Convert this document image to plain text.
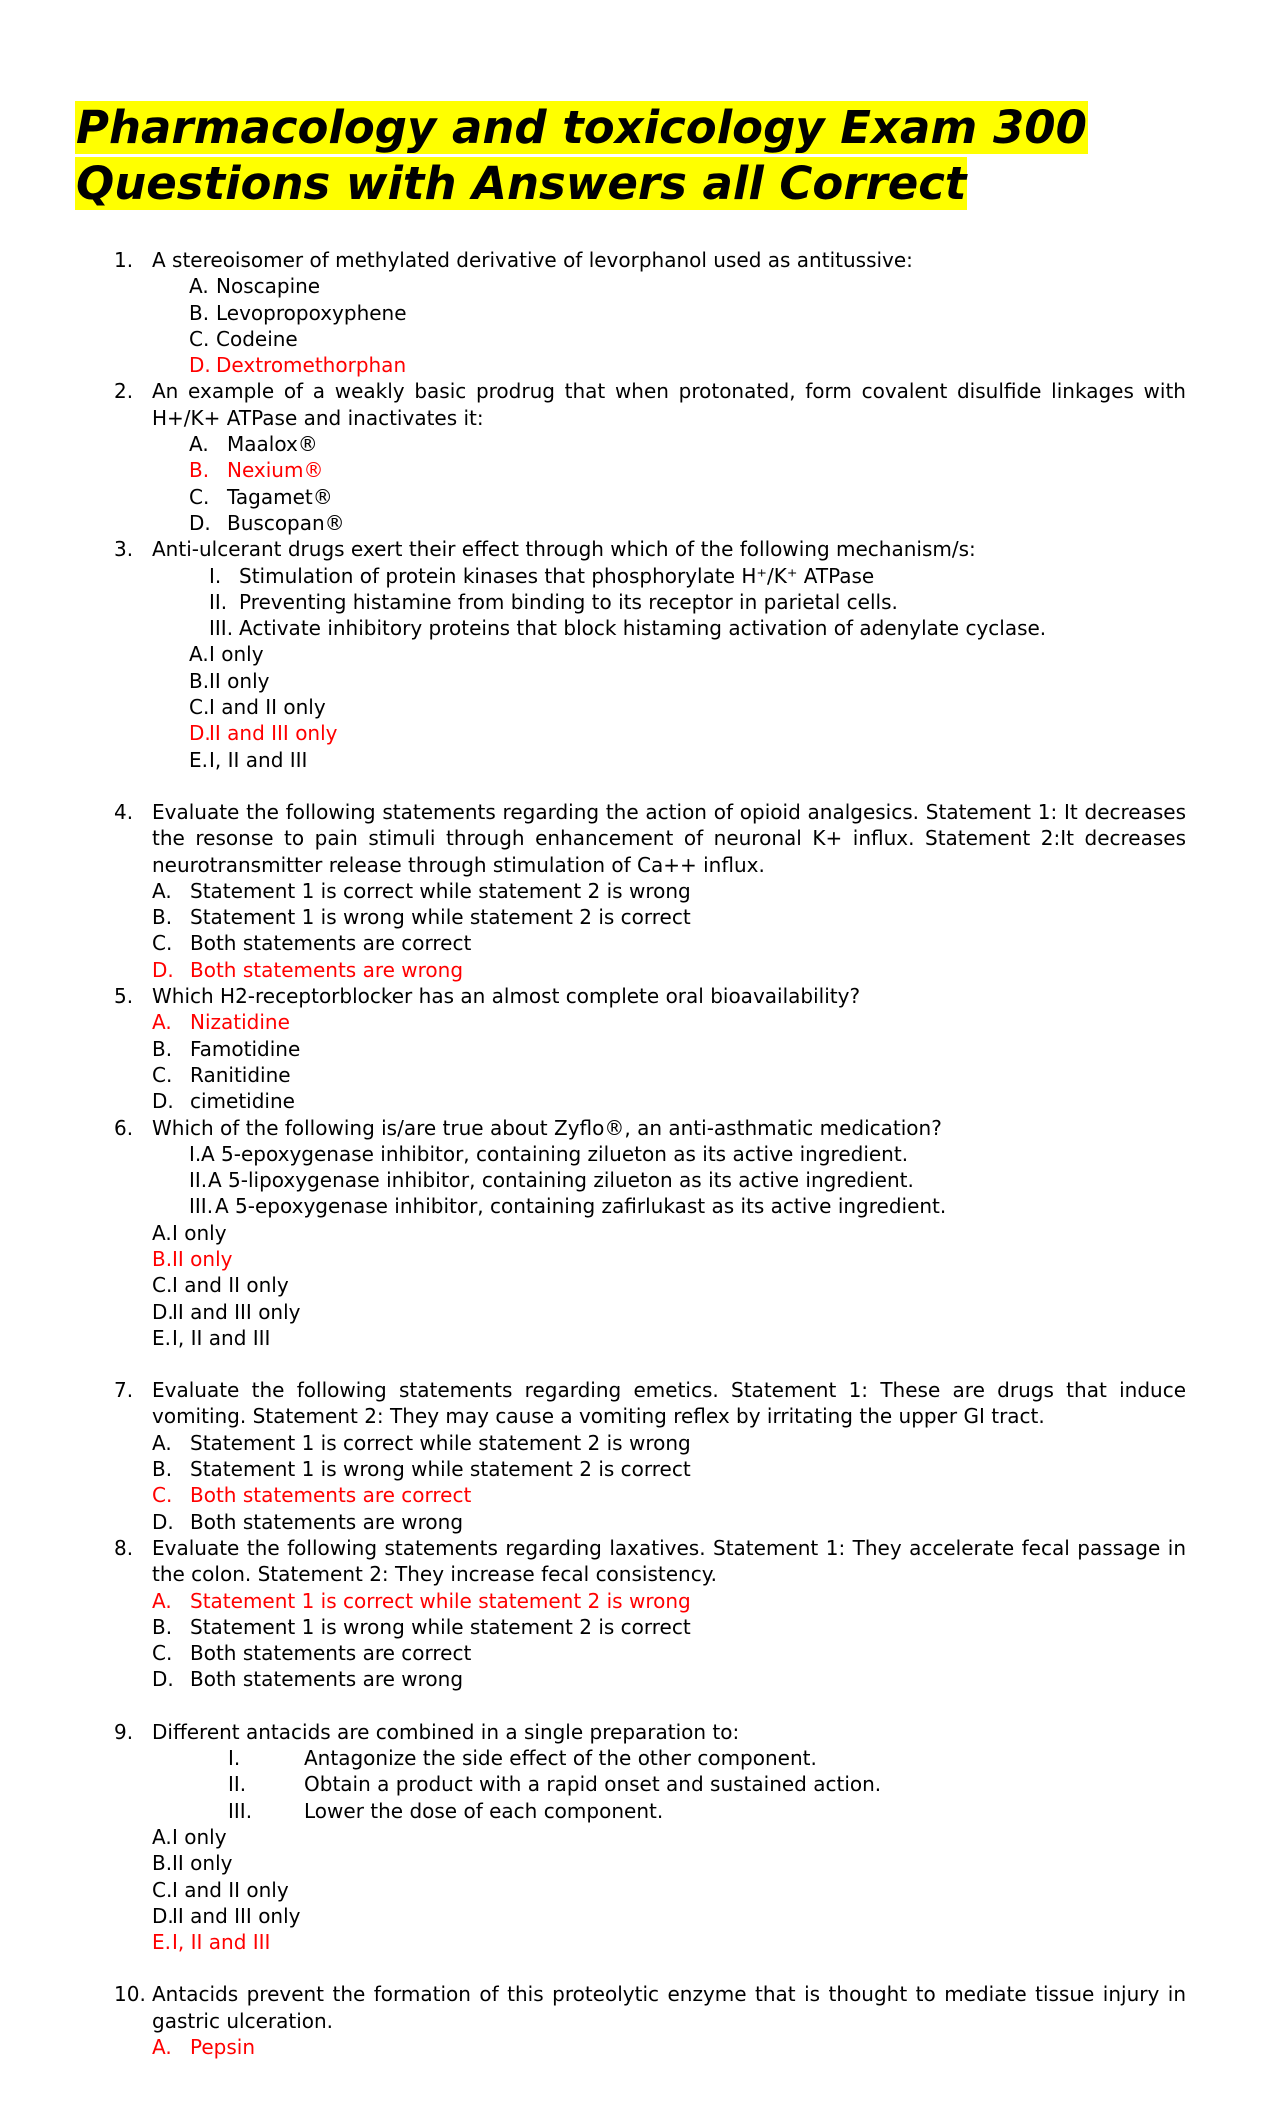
Pharmacology and toxicology Exam 300
Questions with Answers all Correct
1. A stereoisomer of methylated derivative of levorphanol used as antitussive:
A. Noscapine
B. Levopropoxyphene
C. Codeine
D. Dextromethorphan
2. An example of a weakly basic prodrug that when protonated, form covalent disulfide linkages with H+/K+ ATPase and inactivates it:
A. Maalox®
B. Nexium®
C. Tagamet®
D. Buscopan®
3. Anti-ulcerant drugs exert their effect through which of the following mechanism/s:
I. Stimulation of protein kinases that phosphorylate H⁺/K⁺ ATPase
II. Preventing histamine from binding to its receptor in parietal cells.
III. Activate inhibitory proteins that block histaming activation of adenylate cyclase.
A.I only
B.II only
C.I and II only
D.II and III only
E.I, II and III
4. Evaluate the following statements regarding the action of opioid analgesics. Statement 1: It decreases the resonse to pain stimuli through enhancement of neuronal K+ influx. Statement 2:It decreases neurotransmitter release through stimulation of Ca++ influx.
A. Statement 1 is correct while statement 2 is wrong
B. Statement 1 is wrong while statement 2 is correct
C. Both statements are correct
D. Both statements are wrong
5. Which H2-receptorblocker has an almost complete oral bioavailability?
A. Nizatidine
B. Famotidine
C. Ranitidine
D. cimetidine
6. Which of the following is/are true about Zyflo®, an anti-asthmatic medication?
I.A 5-epoxygenase inhibitor, containing zilueton as its active ingredient.
II.A 5-lipoxygenase inhibitor, containing zilueton as its active ingredient.
III.A 5-epoxygenase inhibitor, containing zafirlukast as its active ingredient.
A.I only
B.II only
C.I and II only
D.II and III only
E.I, II and III
7. Evaluate the following statements regarding emetics. Statement 1: These are drugs that induce vomiting. Statement 2: They may cause a vomiting reflex by irritating the upper GI tract.
A. Statement 1 is correct while statement 2 is wrong
B. Statement 1 is wrong while statement 2 is correct
C. Both statements are correct
D. Both statements are wrong
8. Evaluate the following statements regarding laxatives. Statement 1: They accelerate fecal passage in the colon. Statement 2: They increase fecal consistency.
A. Statement 1 is correct while statement 2 is wrong
B. Statement 1 is wrong while statement 2 is correct
C. Both statements are correct
D. Both statements are wrong
9. Different antacids are combined in a single preparation to:
I.	Antagonize the side effect of the other component.
II.	Obtain a product with a rapid onset and sustained action.
III.	Lower the dose of each component.
A.I only
B.II only
C.I and II only
D.II and III only
E.I, II and III
10. Antacids prevent the formation of this proteolytic enzyme that is thought to mediate tissue injury in gastric ulceration.
A. Pepsin
